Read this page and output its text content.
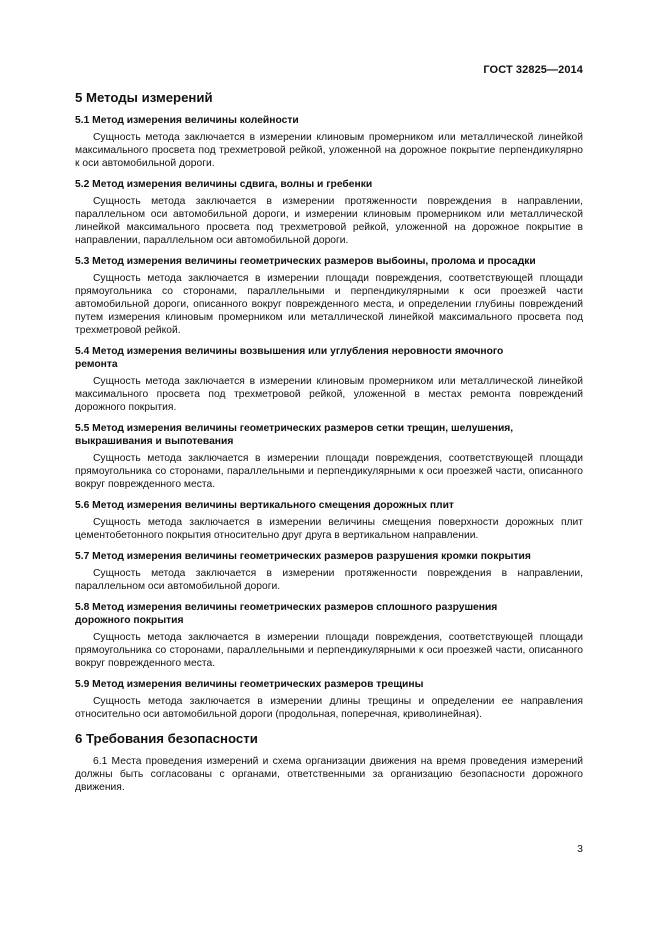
ГОСТ 32825—2014
5 Методы измерений
5.1 Метод измерения величины колейности
Сущность метода заключается в измерении клиновым промерником или металлической линейкой максимального просвета под трехметровой рейкой, уложенной на дорожное покрытие перпендикулярно к оси автомобильной дороги.
5.2 Метод измерения величины сдвига, волны и гребенки
Сущность метода заключается в измерении протяженности повреждения в направлении, параллельном оси автомобильной дороги, и измерении клиновым промерником или металлической линейкой максимального просвета под трехметровой рейкой, уложенной на дорожное покрытие в направлении, параллельном оси автомобильной дороги.
5.3 Метод измерения величины геометрических размеров выбоины, пролома и просадки
Сущность метода заключается в измерении площади повреждения, соответствующей площади прямоугольника со сторонами, параллельными и перпендикулярными к оси проезжей части автомобильной дороги, описанного вокруг поврежденного места, и определении глубины повреждений путем измерения клиновым промерником или металлической линейкой максимального просвета под трехметровой рейкой.
5.4 Метод измерения величины возвышения или углубления неровности ямочного ремонта
Сущность метода заключается в измерении клиновым промерником или металлической линейкой максимального просвета под трехметровой рейкой, уложенной в местах ремонта повреждений дорожного покрытия.
5.5 Метод измерения величины геометрических размеров сетки трещин, шелушения, выкрашивания и выпотевания
Сущность метода заключается в измерении площади повреждения, соответствующей площади прямоугольника со сторонами, параллельными и перпендикулярными к оси проезжей части, описанного вокруг поврежденного места.
5.6 Метод измерения величины вертикального смещения дорожных плит
Сущность метода заключается в измерении величины смещения поверхности дорожных плит цементобетонного покрытия относительно друг друга в вертикальном направлении.
5.7 Метод измерения величины геометрических размеров разрушения кромки покрытия
Сущность метода заключается в измерении протяженности повреждения в направлении, параллельном оси автомобильной дороги.
5.8 Метод измерения величины геометрических размеров сплошного разрушения дорожного покрытия
Сущность метода заключается в измерении площади повреждения, соответствующей площади прямоугольника со сторонами, параллельными и перпендикулярными к оси проезжей части, описанного вокруг поврежденного места.
5.9 Метод измерения величины геометрических размеров трещины
Сущность метода заключается в измерении длины трещины и определении ее направления относительно оси автомобильной дороги (продольная, поперечная, криволинейная).
6 Требования безопасности
6.1 Места проведения измерений и схема организации движения на время проведения измерений должны быть согласованы с органами, ответственными за организацию безопасности дорожного движения.
3
